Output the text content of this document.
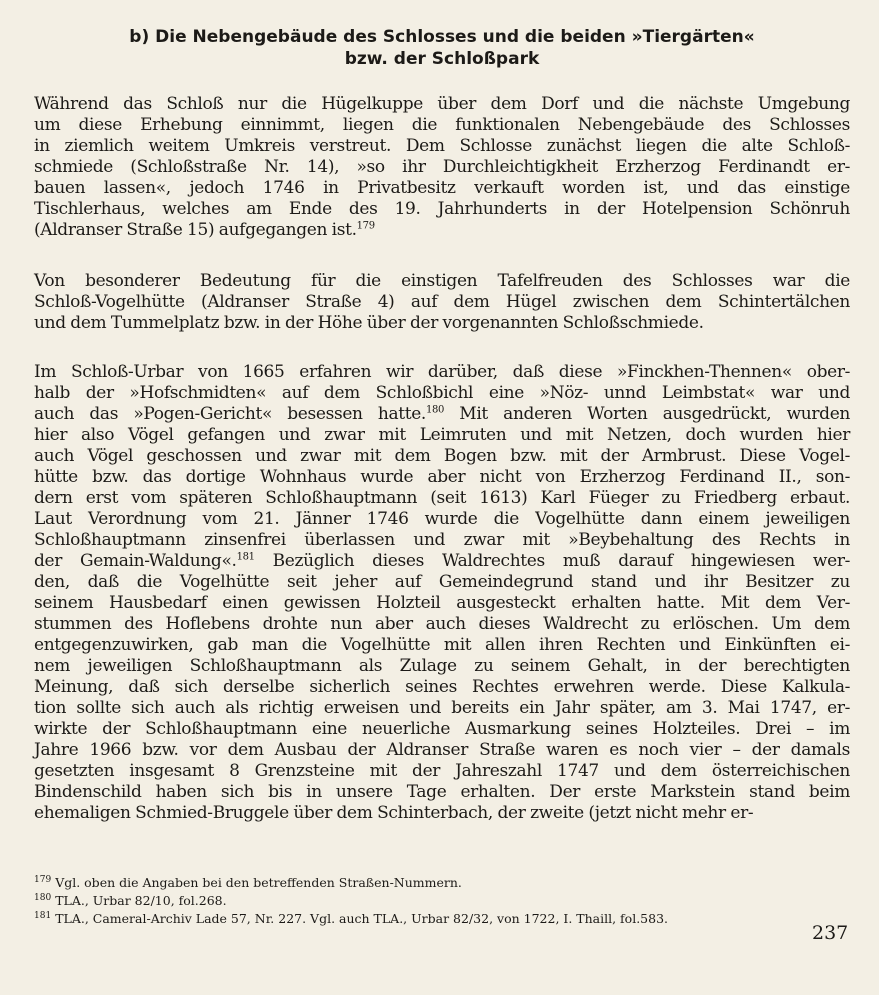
b) Die Nebengebäude des Schlosses und die beiden »Tiergärten«
bzw. der Schloßpark
Während das Schloß nur die Hügelkuppe über dem Dorf und die nächste Umgebung
um diese Erhebung einnimmt, liegen die funktionalen Nebengebäude des Schlosses
in ziemlich weitem Umkreis verstreut. Dem Schlosse zunächst liegen die alte Schloß-
schmiede (Schloßstraße Nr. 14), »so ihr Durchleichtigkheit Erzherzog Ferdinandt er-
bauen lassen«, jedoch 1746 in Privatbesitz verkauft worden ist, und das einstige
Tischlerhaus, welches am Ende des 19. Jahrhunderts in der Hotelpension Schönruh
(Aldranser Straße 15) aufgegangen ist.$^{179}$
Von besonderer Bedeutung für die einstigen Tafelfreuden des Schlosses war die
Schloß-Vogelhütte (Aldranser Straße 4) auf dem Hügel zwischen dem Schintertälchen
und dem Tummelplatz bzw. in der Höhe über der vorgenannten Schloßschmiede.
Im Schloß-Urbar von 1665 erfahren wir darüber, daß diese »Finckhen-Thennen« ober-
halb der »Hofschmidten« auf dem Schloßbichl eine »Nöz- unnd Leimbstat« war und
auch das »Pogen-Gericht« besessen hatte.$^{180}$ Mit anderen Worten ausgedrückt, wurden
hier also Vögel gefangen und zwar mit Leimruten und mit Netzen, doch wurden hier
auch Vögel geschossen und zwar mit dem Bogen bzw. mit der Armbrust. Diese Vogel-
hütte bzw. das dortige Wohnhaus wurde aber nicht von Erzherzog Ferdinand II., son-
dern erst vom späteren Schloßhauptmann (seit 1613) Karl Füeger zu Friedberg erbaut.
Laut Verordnung vom 21. Jänner 1746 wurde die Vogelhütte dann einem jeweiligen
Schloßhauptmann zinsenfrei überlassen und zwar mit »Beybehaltung des Rechts in
der Gemain-Waldung«.$^{181}$ Bezüglich dieses Waldrechtes muß darauf hingewiesen wer-
den, daß die Vogelhütte seit jeher auf Gemeindegrund stand und ihr Besitzer zu
seinem Hausbedarf einen gewissen Holzteil ausgesteckt erhalten hatte. Mit dem Ver-
stummen des Hoflebens drohte nun aber auch dieses Waldrecht zu erlöschen. Um dem
entgegenzuwirken, gab man die Vogelhütte mit allen ihren Rechten und Einkünften ei-
nem jeweiligen Schloßhauptmann als Zulage zu seinem Gehalt, in der berechtigten
Meinung, daß sich derselbe sicherlich seines Rechtes erwehren werde. Diese Kalkula-
tion sollte sich auch als richtig erweisen und bereits ein Jahr später, am 3. Mai 1747, er-
wirkte der Schloßhauptmann eine neuerliche Ausmarkung seines Holzteiles. Drei – im
Jahre 1966 bzw. vor dem Ausbau der Aldranser Straße waren es noch vier – der damals
gesetzten insgesamt 8 Grenzsteine mit der Jahreszahl 1747 und dem österreichischen
Bindenschild haben sich bis in unsere Tage erhalten. Der erste Markstein stand beim
ehemaligen Schmied-Bruggele über dem Schinterbach, der zweite (jetzt nicht mehr er-
$^{179}$ Vgl. oben die Angaben bei den betreffenden Straßen-Nummern.
$^{180}$ TLA., Urbar 82/10, fol.268.
$^{181}$ TLA., Cameral-Archiv Lade 57, Nr. 227. Vgl. auch TLA., Urbar 82/32, von 1722, I. Thaill, fol.583.
237
